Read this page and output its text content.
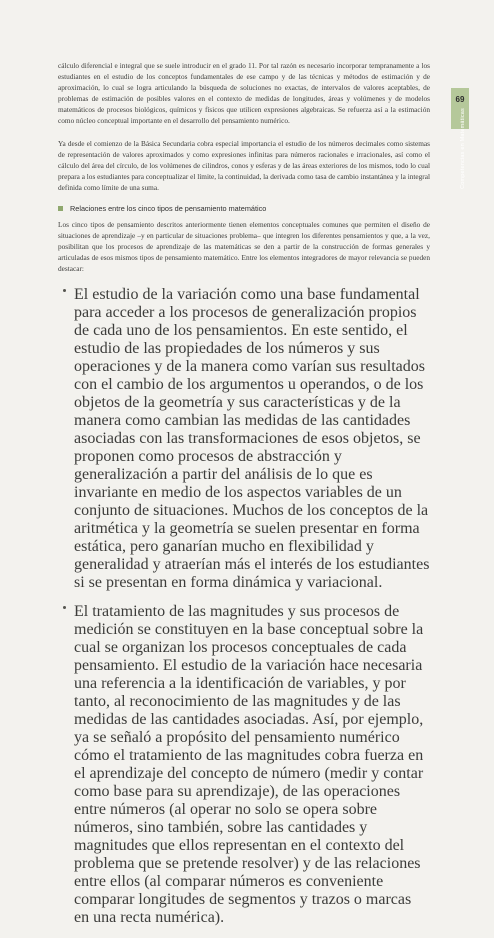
69
Competencias en Matemáticas

cálculo diferencial e integral que se suele introducir en el grado 11. Por tal razón es necesario incorporar tempranamente a los estudiantes en el estudio de los conceptos fundamentales de ese campo y de las técnicas y métodos de estimación y de aproximación, lo cual se logra articulando la búsqueda de soluciones no exactas, de intervalos de valores aceptables, de problemas de estimación de posibles valores en el contexto de medidas de longitudes, áreas y volúmenes y de modelos matemáticos de procesos biológicos, químicos y físicos que utilicen expresiones algebraicas. Se refuerza así a la estimación como núcleo conceptual importante en el desarrollo del pensamiento numérico.

Ya desde el comienzo de la Básica Secundaria cobra especial importancia el estudio de los números decimales como sistemas de representación de valores aproximados y como expresiones infinitas para números racionales e irracionales, así como el cálculo del área del círculo, de los volúmenes de cilindros, conos y esferas y de las áreas exteriores de los mismos, todo lo cual prepara a los estudiantes para conceptualizar el límite, la continuidad, la derivada como tasa de cambio instantánea y la integral definida como límite de una suma.

Relaciones entre los cinco tipos de pensamiento matemático

Los cinco tipos de pensamiento descritos anteriormente tienen elementos conceptuales comunes que permiten el diseño de situaciones de aprendizaje –y en particular de situaciones problema– que integren los diferentes pensamientos y que, a la vez, posibilitan que los procesos de aprendizaje de las matemáticas se den a partir de la construcción de formas generales y articuladas de esos mismos tipos de pensamiento matemático. Entre los elementos integradores de mayor relevancia se pueden destacar:

El estudio de la variación como una base fundamental para acceder a los procesos de generalización propios de cada uno de los pensamientos. En este sentido, el estudio de las propiedades de los números y sus operaciones y de la manera como varían sus resultados con el cambio de los argumentos u operandos, o de los objetos de la geometría y sus características y de la manera como cambian las medidas de las cantidades asociadas con las transformaciones de esos objetos, se proponen como procesos de abstracción y generalización a partir del análisis de lo que es invariante en medio de los aspectos variables de un conjunto de situaciones. Muchos de los conceptos de la aritmética y la geometría se suelen presentar en forma estática, pero ganarían mucho en flexibilidad y generalidad y atraerían más el interés de los estudiantes si se presentan en forma dinámica y variacional.
El tratamiento de las magnitudes y sus procesos de medición se constituyen en la base conceptual sobre la cual se organizan los procesos conceptuales de cada pensamiento. El estudio de la variación hace necesaria una referencia a la identificación de variables, y por tanto, al reconocimiento de las magnitudes y de las medidas de las cantidades asociadas. Así, por ejemplo, ya se señaló a propósito del pensamiento numérico cómo el tratamiento de las magnitudes cobra fuerza en el aprendizaje del concepto de número (medir y contar como base para su aprendizaje), de las operaciones entre números (al operar no solo se opera sobre números, sino también, sobre las cantidades y magnitudes que ellos representan en el contexto del problema que se pretende resolver) y de las relaciones entre ellos (al comparar números es conveniente comparar longitudes de segmentos y trazos o marcas en una recta numérica).
